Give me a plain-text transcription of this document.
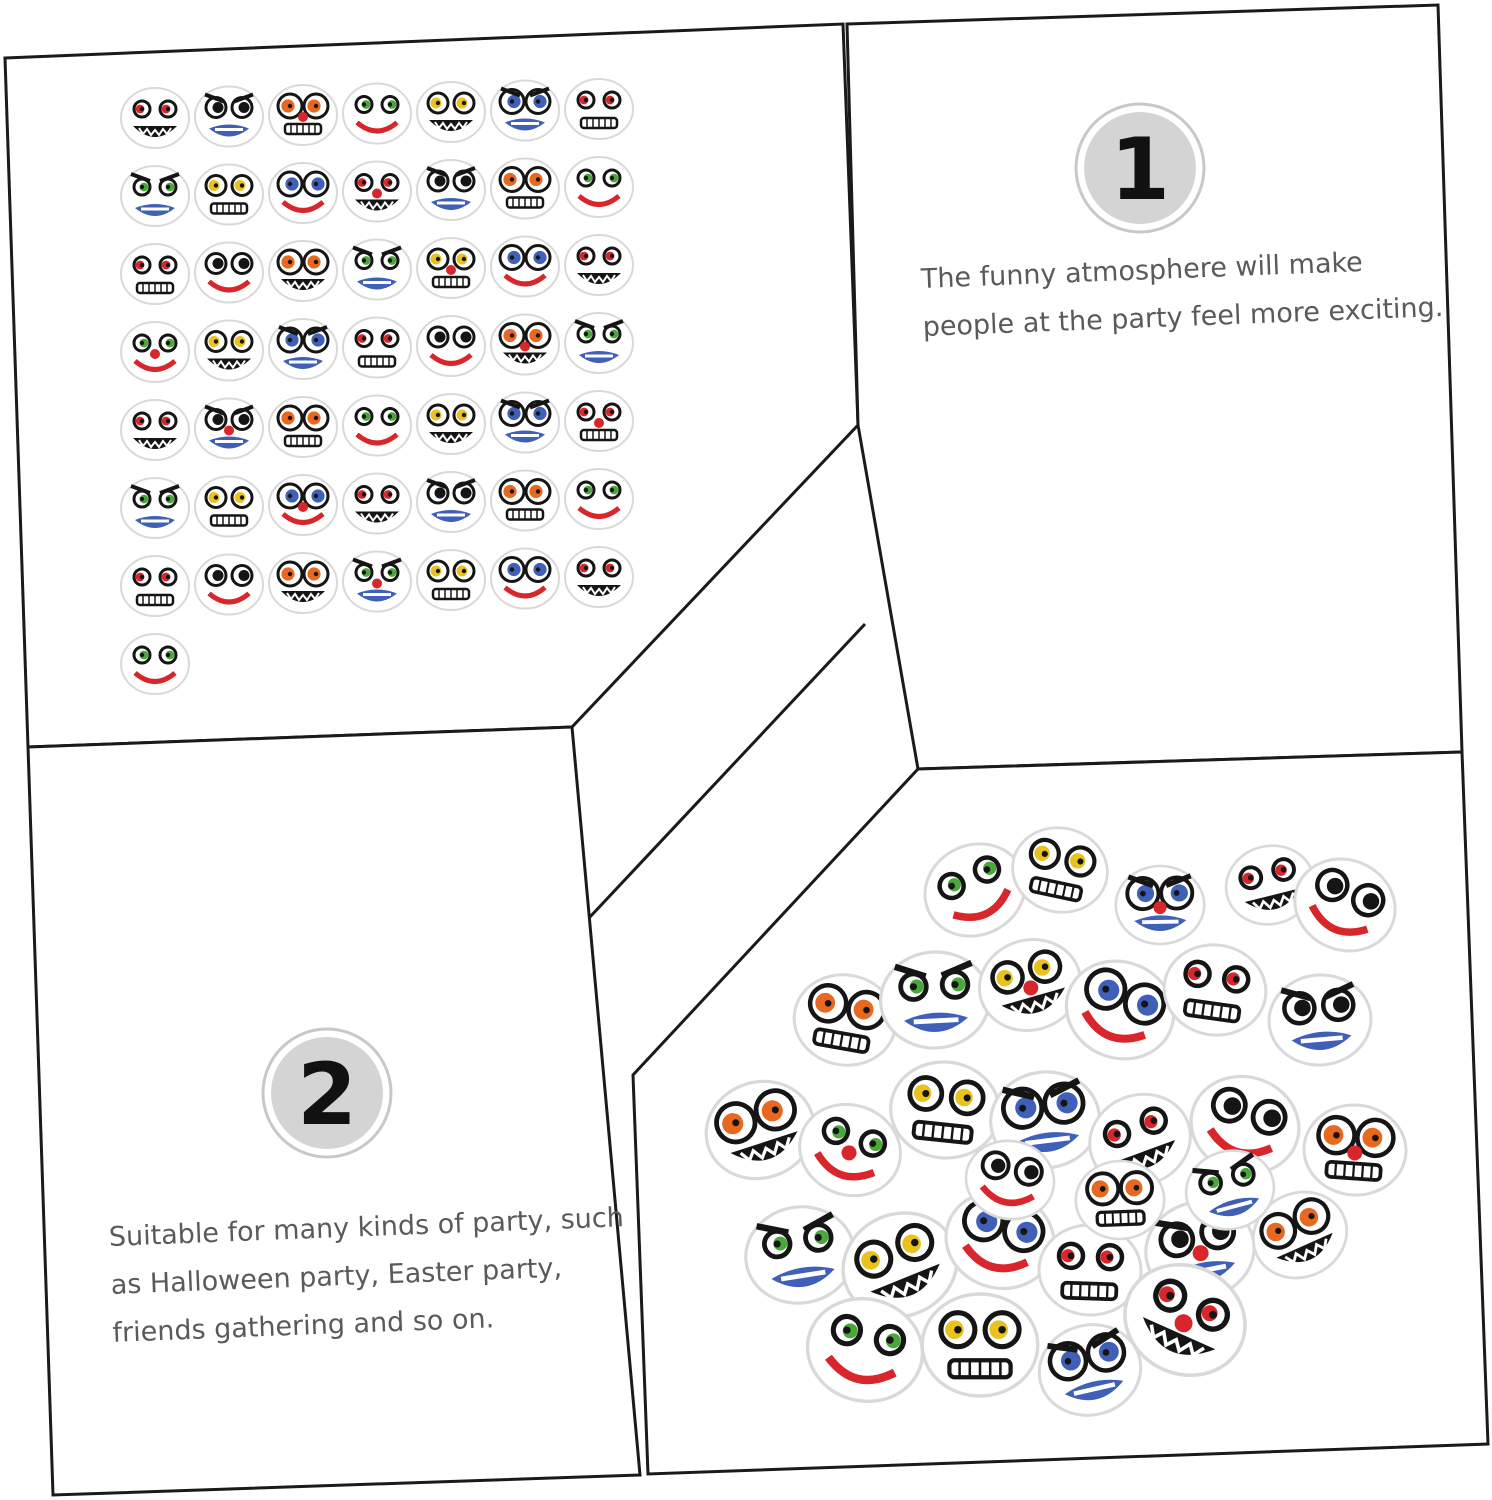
1
2
The funny atmosphere will make
people at the party feel more exciting.
Suitable for many kinds of party, such
as Halloween party, Easter party,
friends gathering and so on.
